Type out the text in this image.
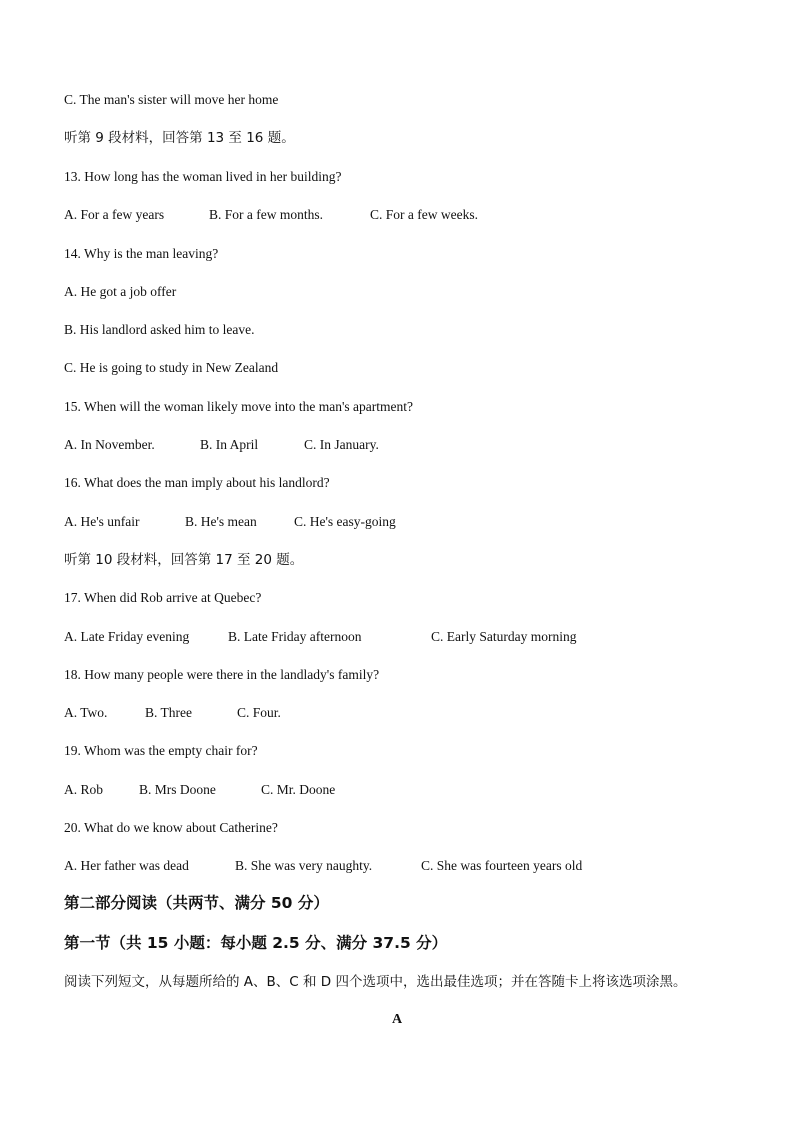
C. The man's sister will move her home
听第 9 段材料，回答第 13 至 16 题。
13. How long has the woman lived in her building?
A. For a few years	B. For a few months.	C. For a few weeks.
14. Why is the man leaving?
A. He got a job offer
B. His landlord asked him to leave.
C. He is going to study in New Zealand
15. When will the woman likely move into the man's apartment?
A. In November.	B. In April	C. In January.
16. What does the man imply about his landlord?
A. He's unfair	B. He's mean	C. He's easy-going
听第 10 段材料，回答第 17 至 20 题。
17. When did Rob arrive at Quebec?
A. Late Friday evening	B. Late Friday afternoon	C. Early Saturday morning
18. How many people were there in the landlady's family?
A. Two.	B. Three	C. Four.
19. Whom was the empty chair for?
A. Rob	B. Mrs Doone	C. Mr. Doone
20. What do we know about Catherine?
A. Her father was dead	B. She was very naughty.	C. She was fourteen years old
第二部分阅读（共两节、满分 50 分）
第一节（共 15 小题：每小题 2.5 分、满分 37.5 分）
阅读下列短文，从每题所给的 A、B、C 和 D 四个选项中，选出最佳选项；并在答随卡上将该选项涂黑。
A
